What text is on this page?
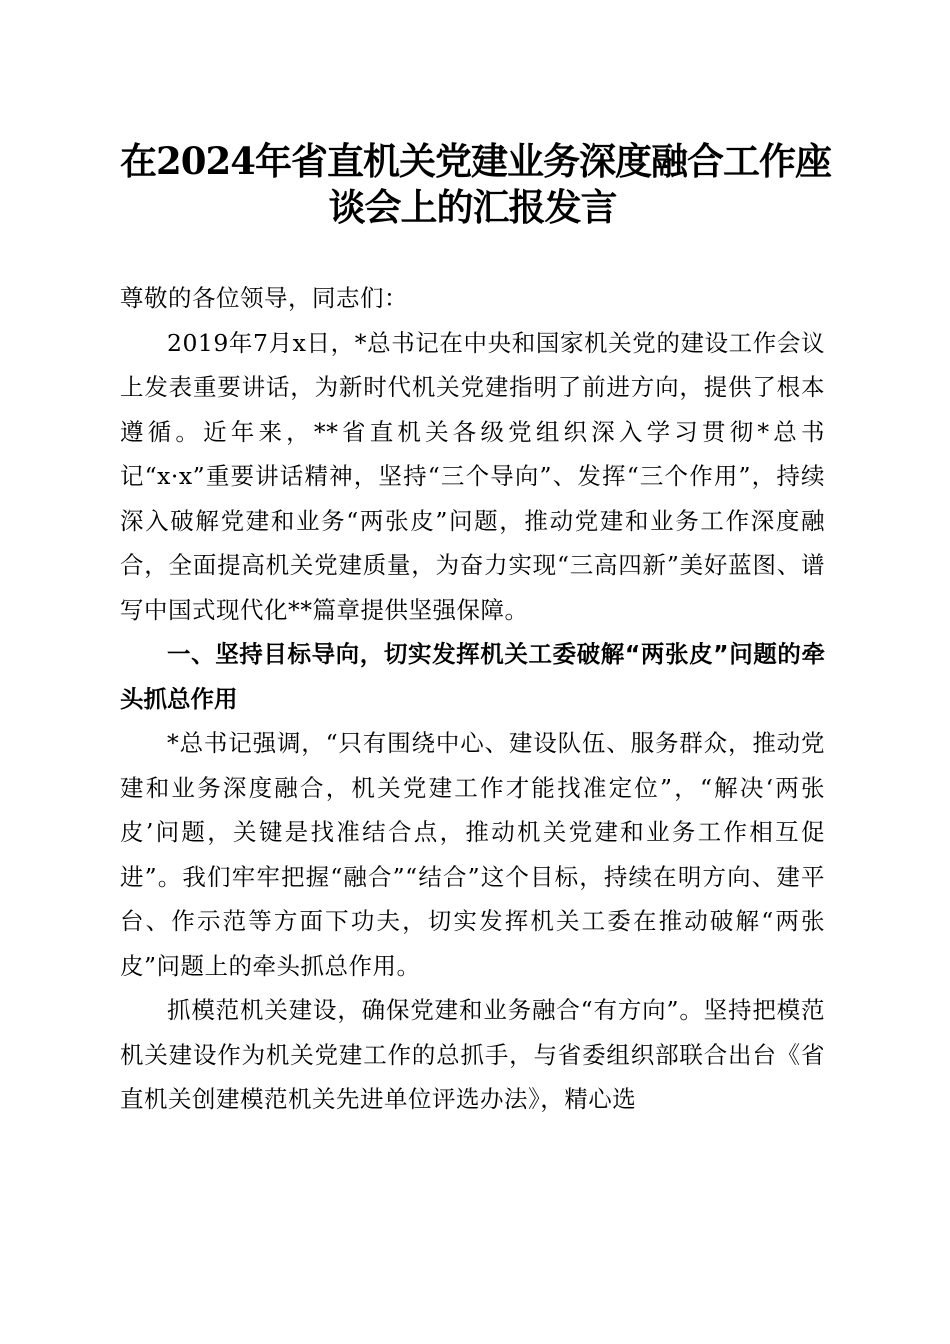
在2024年省直机关党建业务深度融合工作座
谈会上的汇报发言

尊敬的各位领导，同志们：

2019年7月x日，*总书记在中央和国家机关党的建设工作会议上发表重要讲话，为新时代机关党建指明了前进方向，提供了根本遵循。近年来，**省直机关各级党组织深入学习贯彻*总书记“x·x”重要讲话精神，坚持“三个导向”、发挥“三个作用”，持续深入破解党建和业务“两张皮”问题，推动党建和业务工作深度融合，全面提高机关党建质量，为奋力实现“三高四新”美好蓝图、谱写中国式现代化**篇章提供坚强保障。

一、坚持目标导向，切实发挥机关工委破解“两张皮”问题的牵头抓总作用

*总书记强调，“只有围绕中心、建设队伍、服务群众，推动党建和业务深度融合，机关党建工作才能找准定位”，“解决‘两张皮’问题，关键是找准结合点，推动机关党建和业务工作相互促进”。我们牢牢把握“融合”“结合”这个目标，持续在明方向、建平台、作示范等方面下功夫，切实发挥机关工委在推动破解“两张皮”问题上的牵头抓总作用。

抓模范机关建设，确保党建和业务融合“有方向”。坚持把模范机关建设作为机关党建工作的总抓手，与省委组织部联合出台《省直机关创建模范机关先进单位评选办法》，精心选
